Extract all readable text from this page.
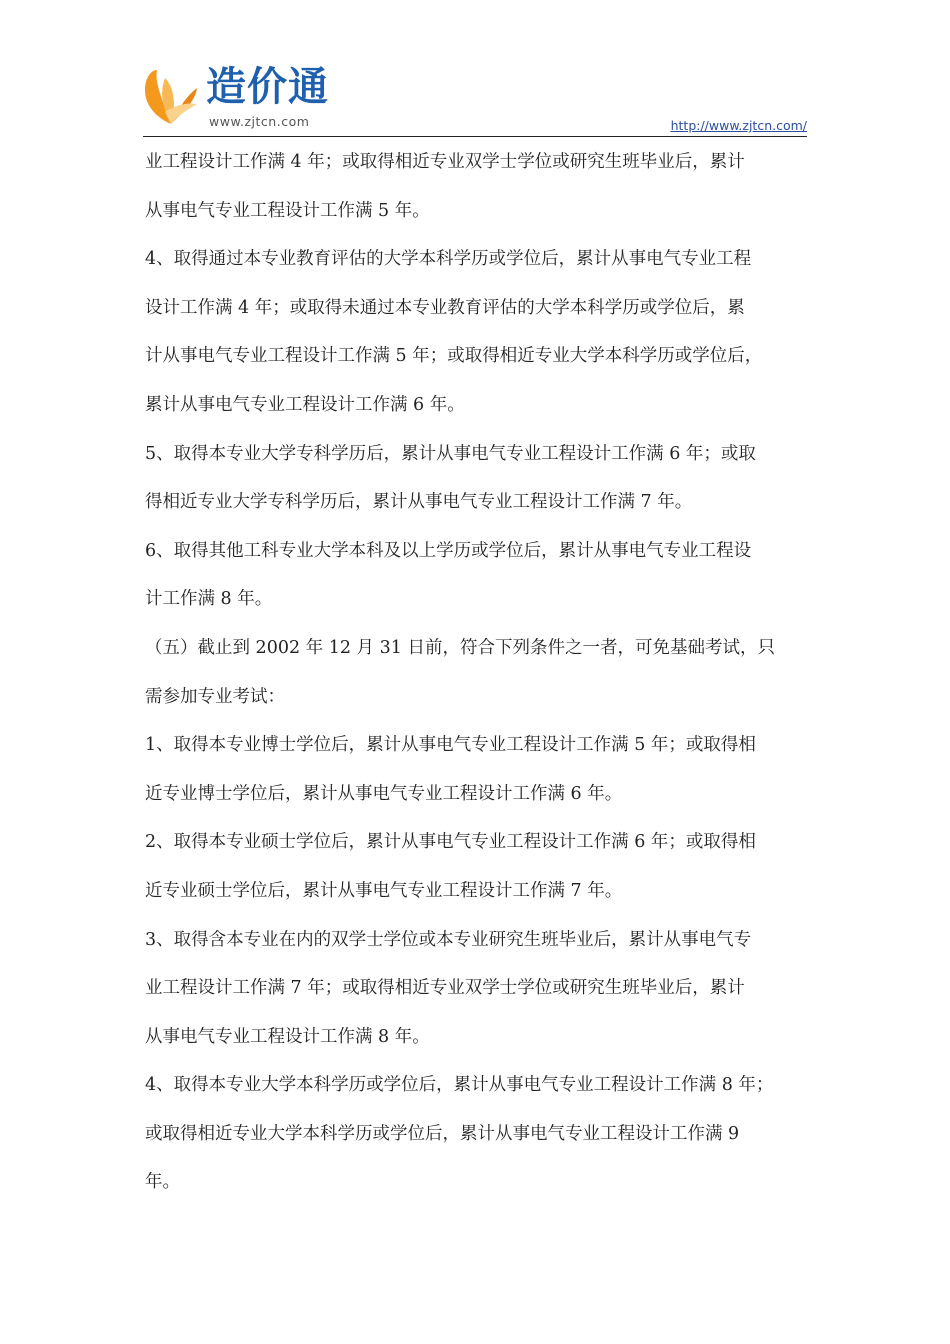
造价通
www.zjtcn.com	http://www.zjtcn.com/

业工程设计工作满 4 年；或取得相近专业双学士学位或研究生班毕业后，累计

从事电气专业工程设计工作满 5 年。

4、取得通过本专业教育评估的大学本科学历或学位后，累计从事电气专业工程

设计工作满 4 年；或取得未通过本专业教育评估的大学本科学历或学位后，累

计从事电气专业工程设计工作满 5 年；或取得相近专业大学本科学历或学位后，

累计从事电气专业工程设计工作满 6 年。

5、取得本专业大学专科学历后，累计从事电气专业工程设计工作满 6 年；或取

得相近专业大学专科学历后，累计从事电气专业工程设计工作满 7 年。

6、取得其他工科专业大学本科及以上学历或学位后，累计从事电气专业工程设

计工作满 8 年。

（五）截止到 2002 年 12 月 31 日前，符合下列条件之一者，可免基础考试，只

需参加专业考试：

1、取得本专业博士学位后，累计从事电气专业工程设计工作满 5 年；或取得相

近专业博士学位后，累计从事电气专业工程设计工作满 6 年。

2、取得本专业硕士学位后，累计从事电气专业工程设计工作满 6 年；或取得相

近专业硕士学位后，累计从事电气专业工程设计工作满 7 年。

3、取得含本专业在内的双学士学位或本专业研究生班毕业后，累计从事电气专

业工程设计工作满 7 年；或取得相近专业双学士学位或研究生班毕业后，累计

从事电气专业工程设计工作满 8 年。

4、取得本专业大学本科学历或学位后，累计从事电气专业工程设计工作满 8 年；

或取得相近专业大学本科学历或学位后，累计从事电气专业工程设计工作满 9

年。
